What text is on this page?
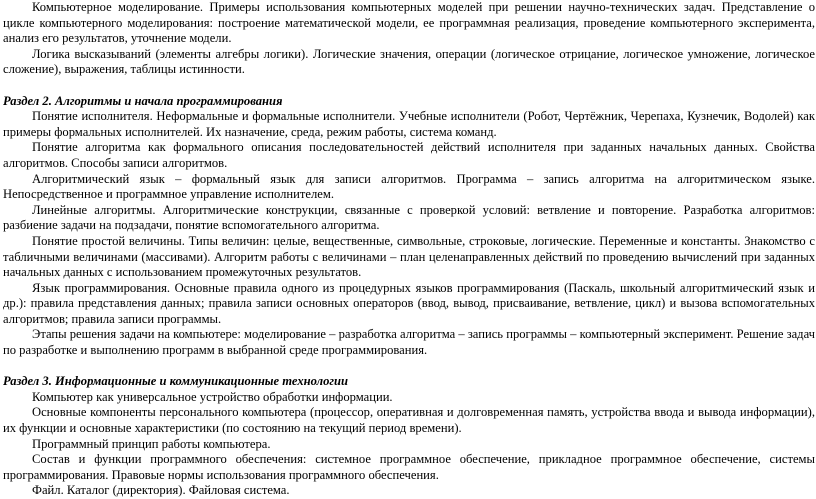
Компьютерное моделирование. Примеры использования компьютерных моделей при решении научно-технических задач. Представление о цикле компьютерного моделирования: построение математической модели, ее программная реализация, проведение компьютерного эксперимента, анализ его результатов, уточнение модели.

Логика высказываний (элементы алгебры логики). Логические значения, операции (логическое отрицание, логическое умножение, логическое сложение), выражения, таблицы истинности.

Раздел 2. Алгоритмы и начала программирования

Понятие исполнителя. Неформальные и формальные исполнители. Учебные исполнители (Робот, Чертёжник, Черепаха, Кузнечик, Водолей) как примеры формальных исполнителей. Их назначение, среда, режим работы, система команд.

Понятие алгоритма как формального описания последовательностей действий исполнителя при заданных начальных данных. Свойства алгоритмов. Способы записи алгоритмов.

Алгоритмический язык – формальный язык для записи алгоритмов. Программа – запись алгоритма на алгоритмическом языке. Непосредственное и программное управление исполнителем.

Линейные алгоритмы. Алгоритмические конструкции, связанные с проверкой условий: ветвление и повторение. Разработка алгоритмов: разбиение задачи на подзадачи, понятие вспомогательного алгоритма.

Понятие простой величины. Типы величин: целые, вещественные, символьные, строковые, логические. Переменные и константы. Знакомство с табличными величинами (массивами). Алгоритм работы с величинами – план целенаправленных действий по проведению вычислений при заданных начальных данных с использованием промежуточных результатов.

Язык программирования. Основные правила одного из процедурных языков программирования (Паскаль, школьный алгоритмический язык и др.): правила представления данных; правила записи основных операторов (ввод, вывод, присваивание, ветвление, цикл) и вызова вспомогательных алгоритмов; правила записи программы.

Этапы решения задачи на компьютере: моделирование – разработка алгоритма – запись программы – компьютерный эксперимент. Решение задач по разработке и выполнению программ в выбранной среде программирования.

Раздел 3. Информационные и коммуникационные технологии

Компьютер как универсальное устройство обработки информации.

Основные компоненты персонального компьютера (процессор, оперативная и долговременная память, устройства ввода и вывода информации), их функции и основные характеристики (по состоянию на текущий период времени).

Программный принцип работы компьютера.

Состав и функции программного обеспечения: системное программное обеспечение, прикладное программное обеспечение, системы программирования. Правовые нормы использования программного обеспечения.

Файл. Каталог (директория). Файловая система.
